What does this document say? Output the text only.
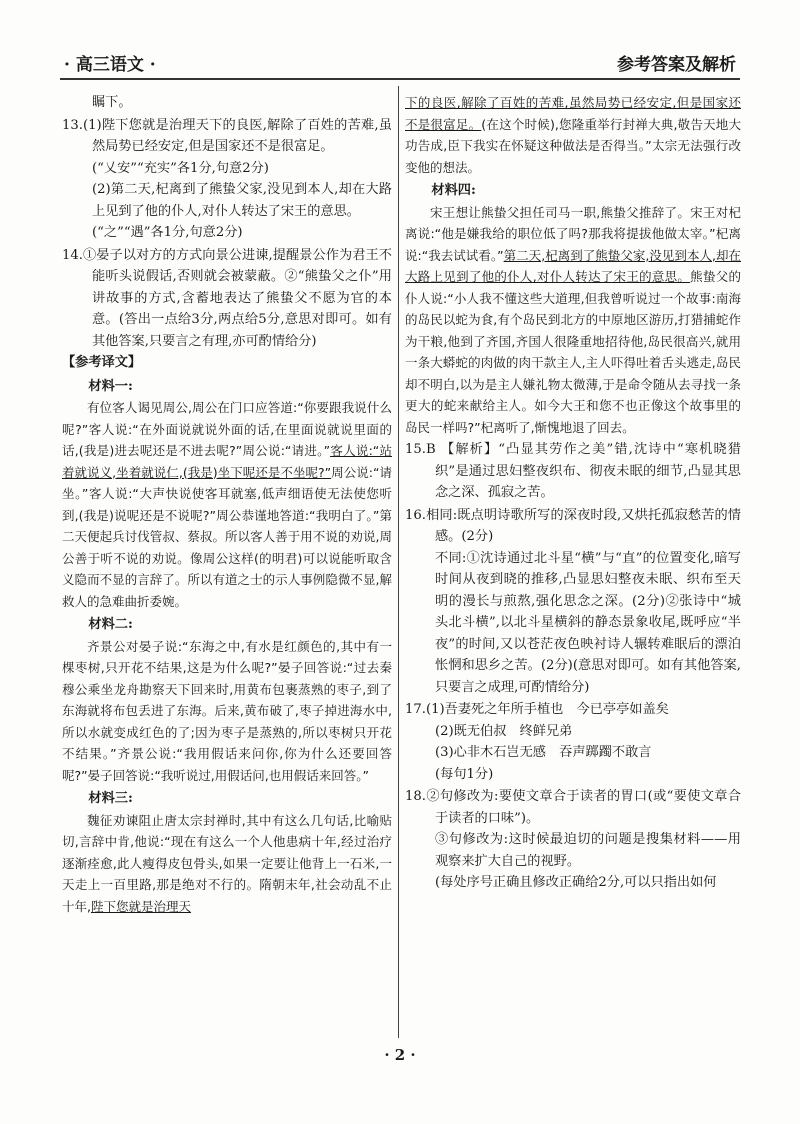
· 高三语文 ·	参考答案及解析

瞩下。

13.(1)陛下您就是治理天下的良医,解除了百姓的苦难,虽然局势已经安定,但是国家还不是很富足。

(“乂安”“充实”各1分,句意2分)

(2)第二天,杞离到了熊蛰父家,没见到本人,却在大路上见到了他的仆人,对仆人转达了宋王的意思。

(“之”“遇”各1分,句意2分)

14.①晏子以对方的方式向景公进谏,提醒景公作为君王不能听头说假话,否则就会被蒙蔽。②“熊蛰父之仆”用讲故事的方式,含蓄地表达了熊蛰父不愿为官的本意。(答出一点给3分,两点给5分,意思对即可。如有其他答案,只要言之有理,亦可酌情给分)

【参考译文】

材料一:

有位客人谒见周公,周公在门口应答道:“你要跟我说什么呢?”客人说:“在外面说就说外面的话,在里面说就说里面的话,(我是)进去呢还是不进去呢?”周公说:“请进。”客人说:“站着就说义,坐着就说仁,(我是)坐下呢还是不坐呢?”周公说:“请坐。”客人说:“大声快说使客耳就塞,低声细语使无法使您听到,(我是)说呢还是不说呢?”周公恭谨地答道:“我明白了。”第二天便起兵讨伐管叔、蔡叔。所以客人善于用不说的劝说,周公善于听不说的劝说。像周公这样(的明君)可以说能听取含义隐而不显的言辞了。所以有道之士的示人事例隐微不显,解救人的急难曲折委婉。

材料二:

齐景公对晏子说:“东海之中,有水是红颜色的,其中有一棵枣树,只开花不结果,这是为什么呢?”晏子回答说:“过去秦穆公乘坐龙舟勘察天下回来时,用黄布包裹蒸熟的枣子,到了东海就将布包丢进了东海。后来,黄布破了,枣子掉进海水中,所以水就变成红色的了;因为枣子是蒸熟的,所以枣树只开花不结果。”齐景公说:“我用假话来问你,你为什么还要回答呢?”晏子回答说:“我听说过,用假话问,也用假话来回答。”

材料三:

魏征劝谏阻止唐太宗封禅时,其中有这么几句话,比喻贴切,言辞中肯,他说:“现在有这么一个人他患病十年,经过治疗逐渐痊愈,此人瘦得皮包骨头,如果一定要让他背上一石米,一天走上一百里路,那是绝对不行的。隋朝末年,社会动乱不止十年,陛下您就是治理天

下的良医,解除了百姓的苦难,虽然局势已经安定,但是国家还不是很富足。(在这个时候),您隆重举行封禅大典,敬告天地大功告成,臣下我实在怀疑这种做法是否得当。”太宗无法强行改变他的想法。

材料四:

宋王想让熊蛰父担任司马一职,熊蛰父推辞了。宋王对杞离说:“他是嫌我给的职位低了吗?那我将提拔他做太宰。”杞离说:“我去试试看。”第二天,杞离到了熊蛰父家,没见到本人,却在大路上见到了他的仆人,对仆人转达了宋王的意思。熊蛰父的仆人说:“小人我不懂这些大道理,但我曾听说过一个故事:南海的岛民以蛇为食,有个岛民到北方的中原地区游历,打猎捕蛇作为干粮,他到了齐国,齐国人很隆重地招待他,岛民很高兴,就用一条大蟒蛇的肉做的肉干款主人,主人吓得吐着舌头逃走,岛民却不明白,以为是主人嫌礼物太微薄,于是命令随从去寻找一条更大的蛇来献给主人。如今大王和您不也正像这个故事里的岛民一样吗?”杞离听了,惭愧地退了回去。

15.B 【解析】“凸显其劳作之美”错,沈诗中“寒机晓猎织”是通过思妇整夜织布、彻夜未眠的细节,凸显其思念之深、孤寂之苦。

16.相同:既点明诗歌所写的深夜时段,又烘托孤寂愁苦的情感。(2分)

不同:①沈诗通过北斗星“横”与“直”的位置变化,暗写时间从夜到晓的推移,凸显思妇整夜未眠、织布至天明的漫长与煎熬,强化思念之深。(2分)②张诗中“城头北斗横”,以北斗星横斜的静态景象收尾,既呼应“半夜”的时间,又以苍茫夜色映衬诗人辗转难眠后的漂泊怅惘和思乡之苦。(2分)(意思对即可。如有其他答案,只要言之成理,可酌情给分)

17.(1)吾妻死之年所手植也　今已亭亭如盖矣

(2)既无伯叔　终鲜兄弟

(3)心非木石岂无感　吞声踯躅不敢言

(每句1分)

18.②句修改为:要使文章合于读者的胃口(或“要使文章合于读者的口味”)。

③句修改为:这时候最迫切的问题是搜集材料——用观察来扩大自己的视野。

(每处序号正确且修改正确给2分,可以只指出如何

· 2 ·
